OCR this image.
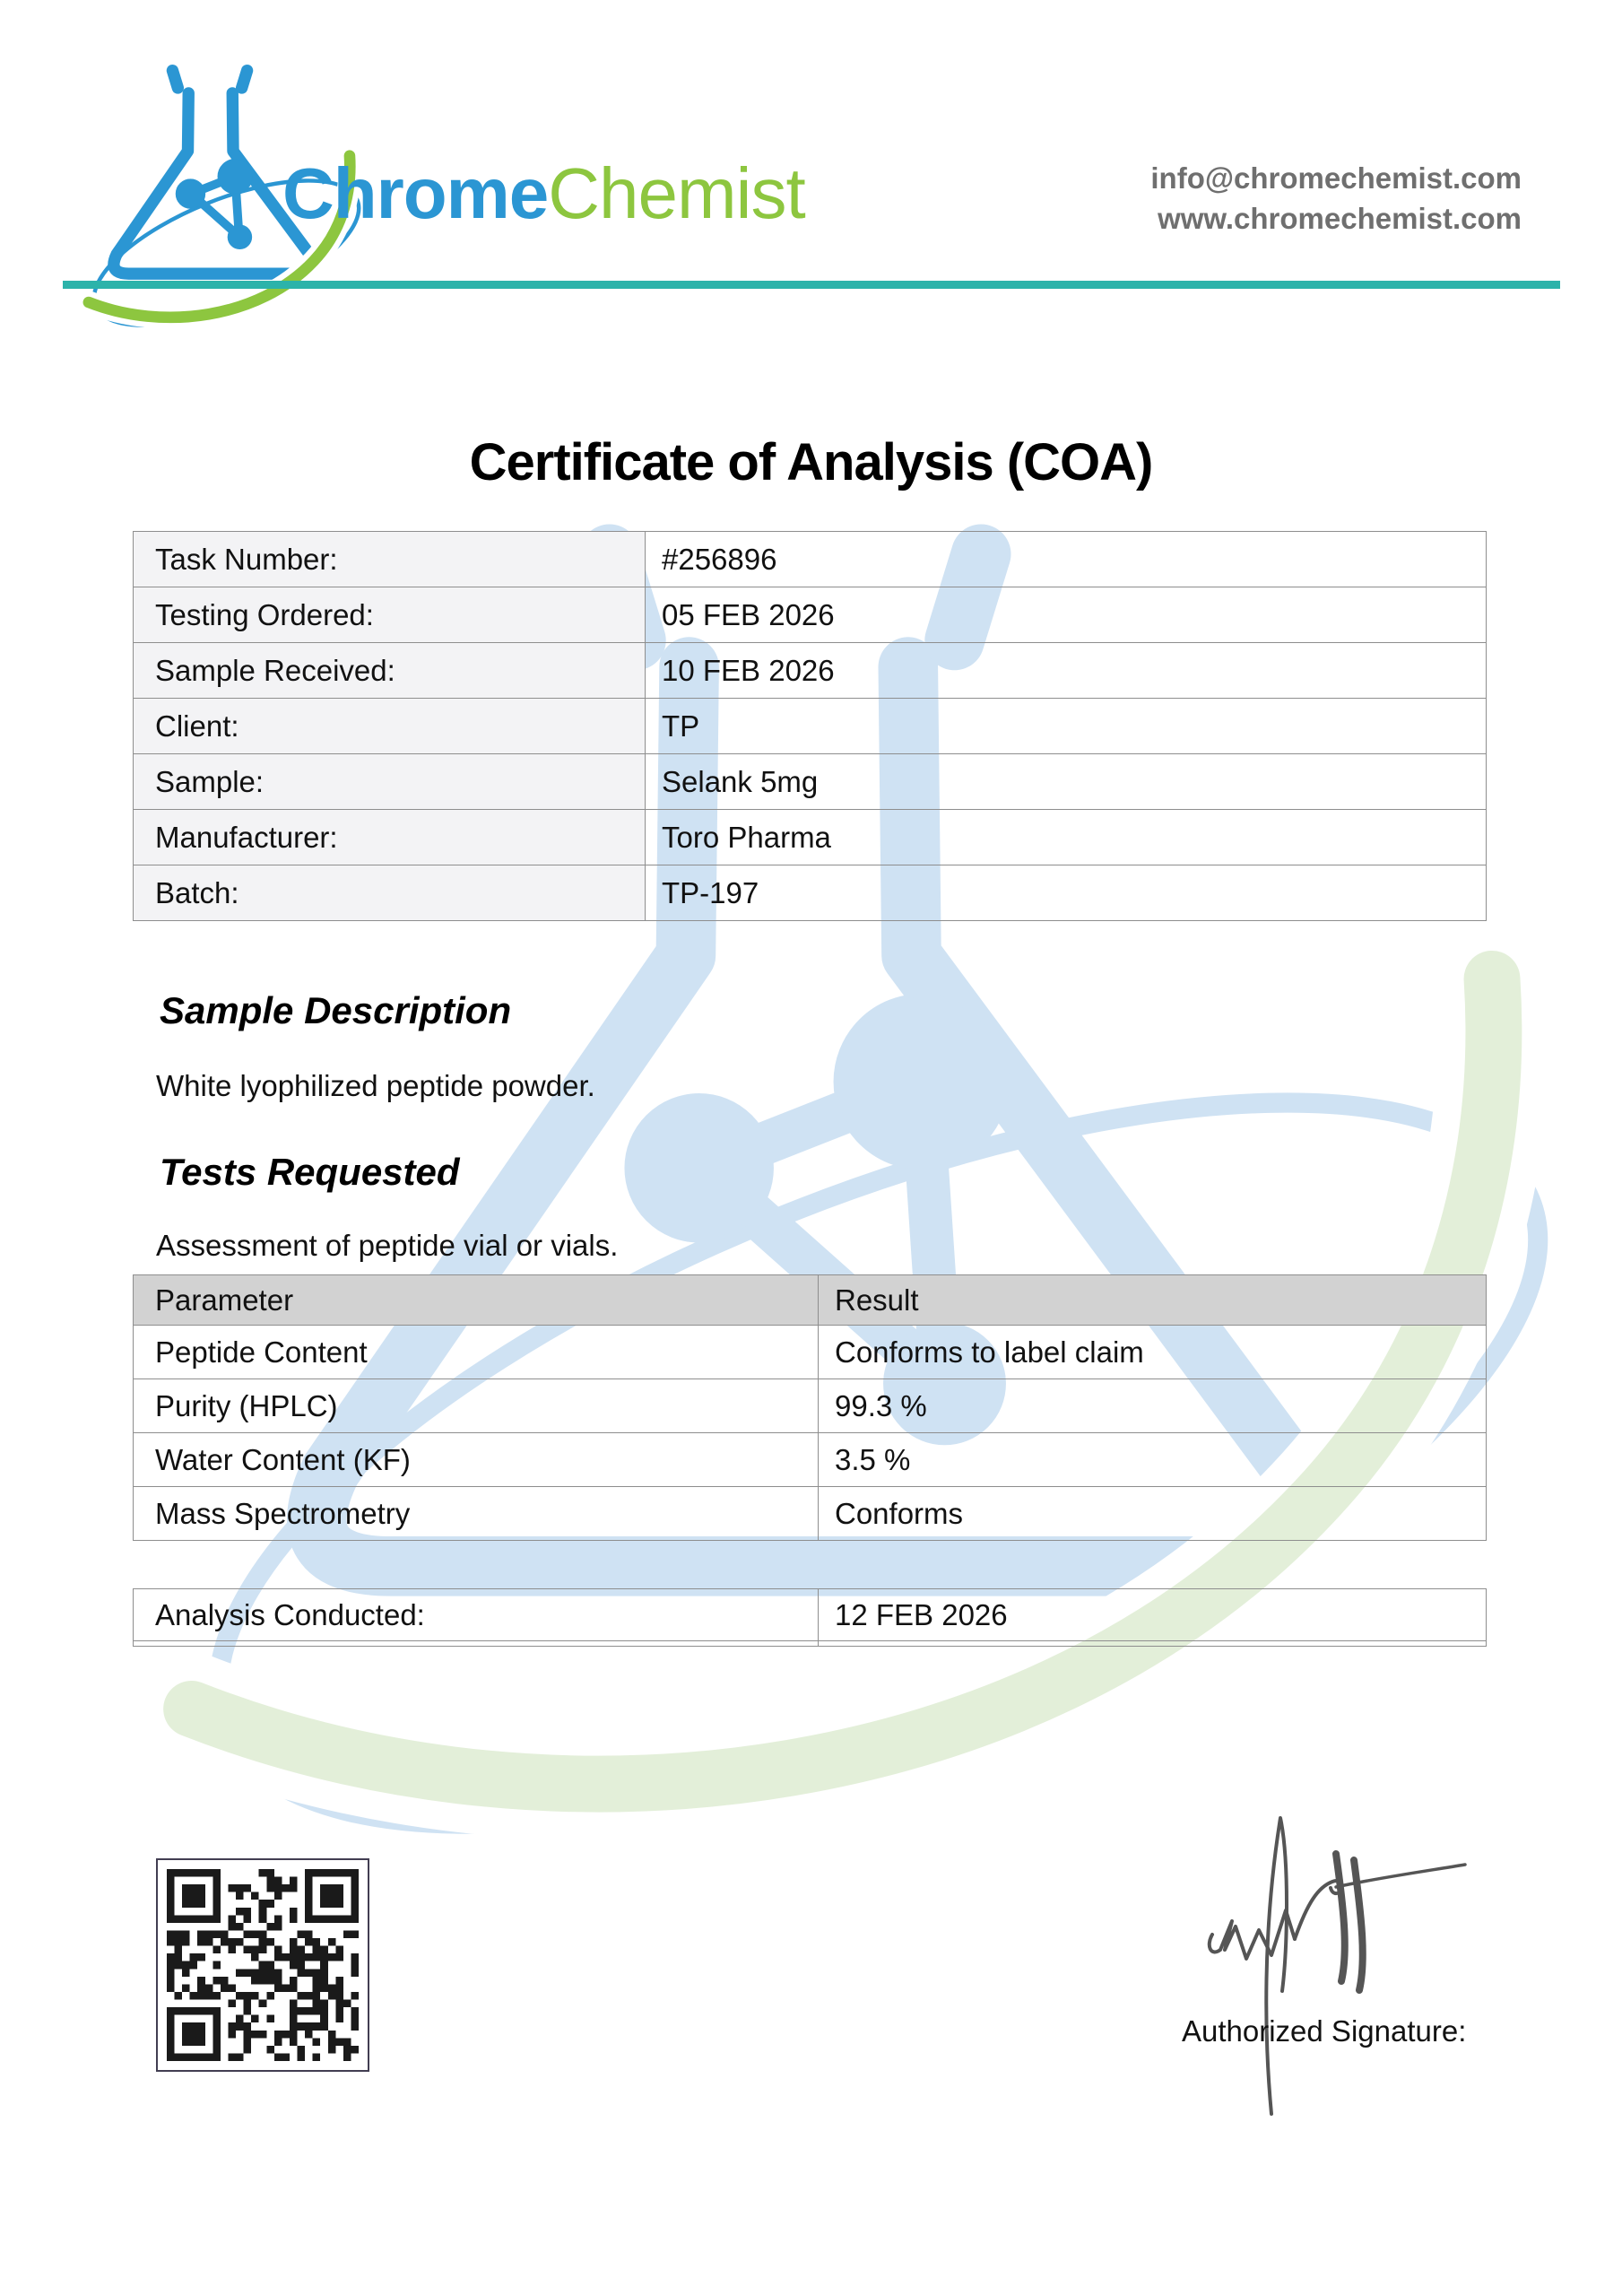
ChromeChemist	info@chromechemist.com
www.chromechemist.com
Certificate of Analysis (COA)
Task Number:	#256896
Testing Ordered:	05 FEB 2026
Sample Received:	10 FEB 2026
Client:	TP
Sample:	Selank 5mg
Manufacturer:	Toro Pharma
Batch:	TP-197
Sample Description
White lyophilized peptide powder.
Tests Requested
Assessment of peptide vial or vials.
Parameter	Result
Peptide Content	Conforms to label claim
Purity (HPLC)	99.3 %
Water Content (KF)	3.5 %
Mass Spectrometry	Conforms
Analysis Conducted:	12 FEB 2026

Authorized Signature:
